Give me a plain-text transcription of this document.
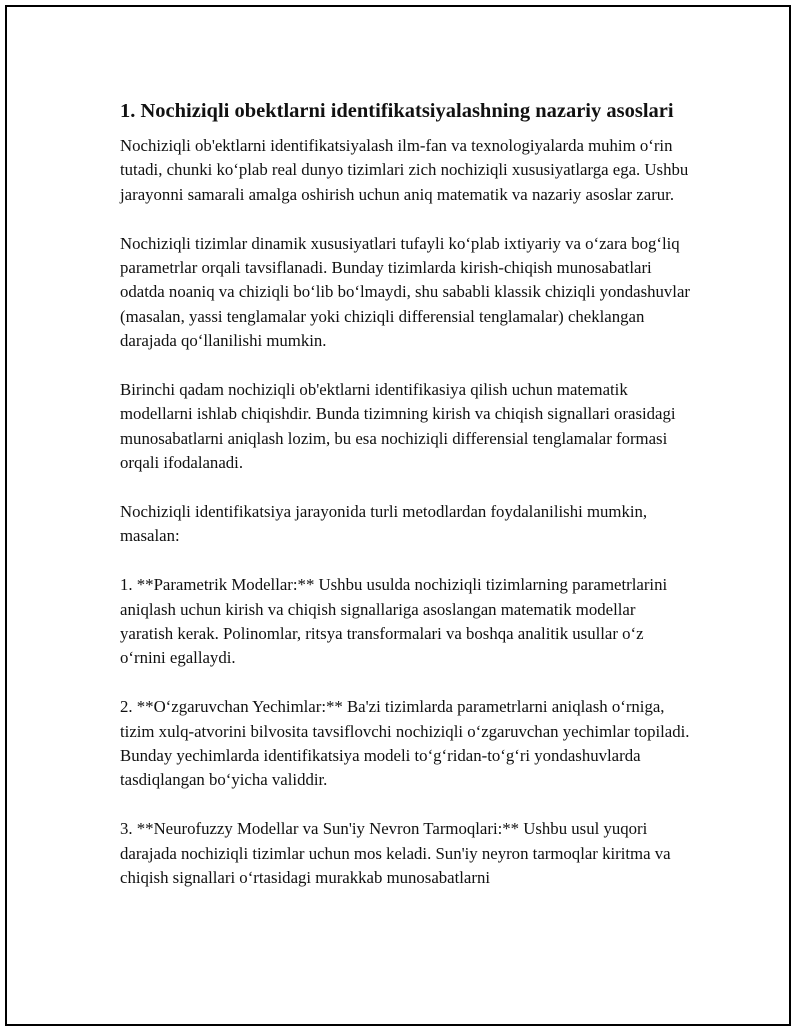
1. Nochiziqli obektlarni identifikatsiyalashning nazariy asoslari

Nochiziqli ob'ektlarni identifikatsiyalash ilm-fan va texnologiyalarda muhim o‘rin tutadi, chunki ko‘plab real dunyo tizimlari zich nochiziqli xususiyatlarga ega. Ushbu jarayonni samarali amalga oshirish uchun aniq matematik va nazariy asoslar zarur.

Nochiziqli tizimlar dinamik xususiyatlari tufayli ko‘plab ixtiyariy va o‘zara bog‘liq parametrlar orqali tavsiflanadi. Bunday tizimlarda kirish-chiqish munosabatlari odatda noaniq va chiziqli bo‘lib bo‘lmaydi, shu sababli klassik chiziqli yondashuvlar (masalan, yassi tenglamalar yoki chiziqli differensial tenglamalar) cheklangan darajada qo‘llanilishi mumkin.

Birinchi qadam nochiziqli ob'ektlarni identifikasiya qilish uchun matematik modellarni ishlab chiqishdir. Bunda tizimning kirish va chiqish signallari orasidagi munosabatlarni aniqlash lozim, bu esa nochiziqli differensial tenglamalar formasi orqali ifodalanadi.

Nochiziqli identifikatsiya jarayonida turli metodlardan foydalanilishi mumkin, masalan:

1. **Parametrik Modellar:** Ushbu usulda nochiziqli tizimlarning parametrlarini aniqlash uchun kirish va chiqish signallariga asoslangan matematik modellar yaratish kerak. Polinomlar, ritsya transformalari va boshqa analitik usullar o‘z o‘rnini egallaydi.

2. **O‘zgaruvchan Yechimlar:** Ba'zi tizimlarda parametrlarni aniqlash o‘rniga, tizim xulq-atvorini bilvosita tavsiflovchi nochiziqli o‘zgaruvchan yechimlar topiladi. Bunday yechimlarda identifikatsiya modeli to‘g‘ridan-to‘g‘ri yondashuvlarda tasdiqlangan bo‘yicha validdir.

3. **Neurofuzzy Modellar va Sun'iy Nevron Tarmoqlari:** Ushbu usul yuqori darajada nochiziqli tizimlar uchun mos keladi. Sun'iy neyron tarmoqlar kiritma va chiqish signallari o‘rtasidagi murakkab munosabatlarni
